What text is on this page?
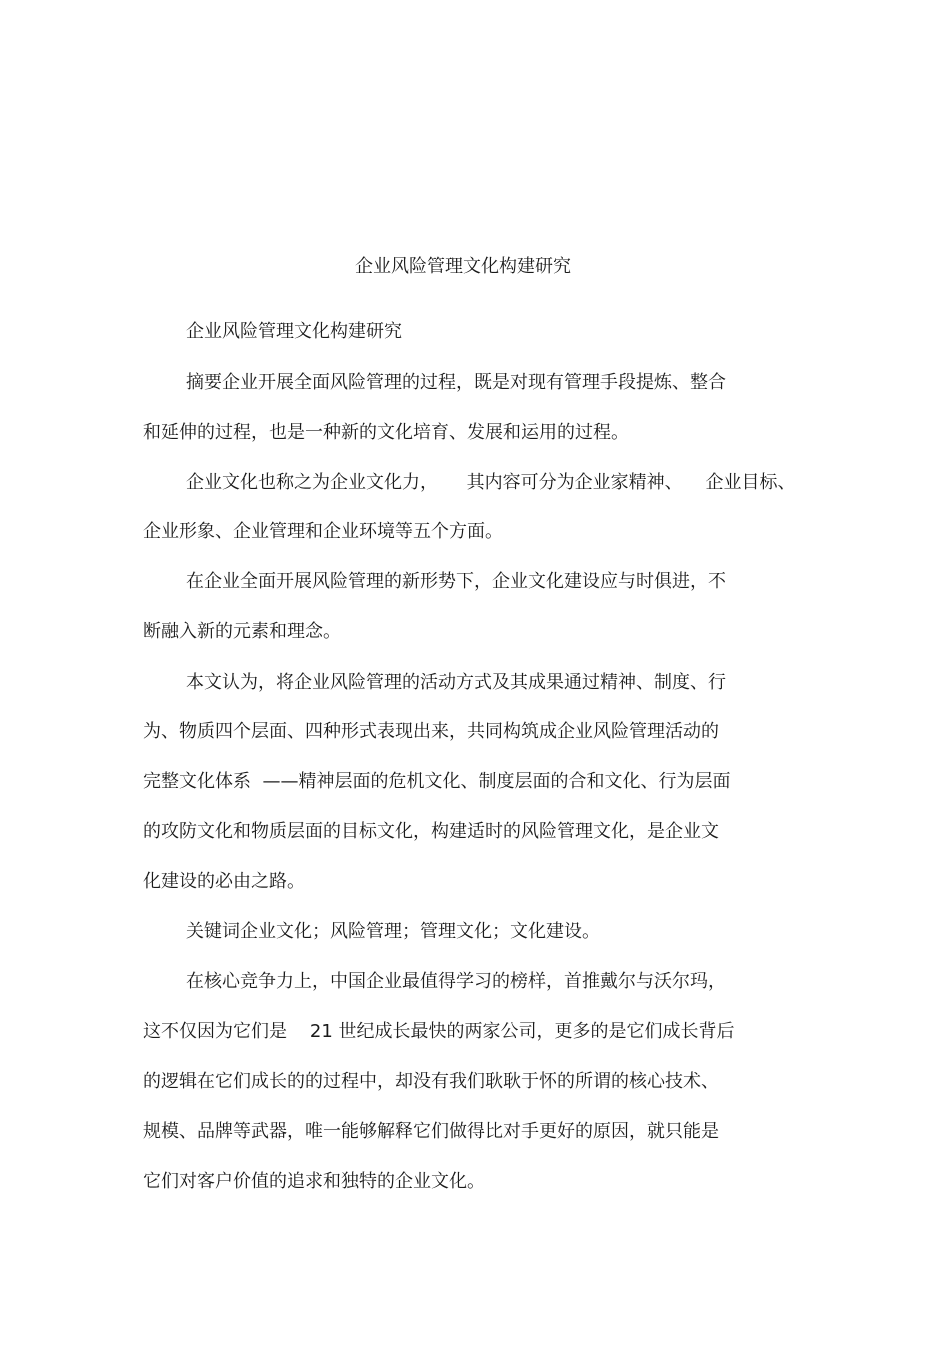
企业风险管理文化构建研究
企业风险管理文化构建研究
摘要企业开展全面风险管理的过程，既是对现有管理手段提炼、整合
和延伸的过程，也是一种新的文化培育、发展和运用的过程。
企业文化也称之为企业文化力，     其内容可分为企业家精神、    企业目标、
企业形象、企业管理和企业环境等五个方面。
在企业全面开展风险管理的新形势下，企业文化建设应与时俱进，不
断融入新的元素和理念。
本文认为，将企业风险管理的活动方式及其成果通过精神、制度、行
为、物质四个层面、四种形式表现出来，共同构筑成企业风险管理活动的
完整文化体系  ——精神层面的危机文化、制度层面的合和文化、行为层面
的攻防文化和物质层面的目标文化，构建适时的风险管理文化，是企业文
化建设的必由之路。
关键词企业文化；风险管理；管理文化；文化建设。
在核心竞争力上，中国企业最值得学习的榜样，首推戴尔与沃尔玛，
这不仅因为它们是    21 世纪成长最快的两家公司，更多的是它们成长背后
的逻辑在它们成长的的过程中，却没有我们耿耿于怀的所谓的核心技术、
规模、品牌等武器，唯一能够解释它们做得比对手更好的原因，就只能是
它们对客户价值的追求和独特的企业文化。
